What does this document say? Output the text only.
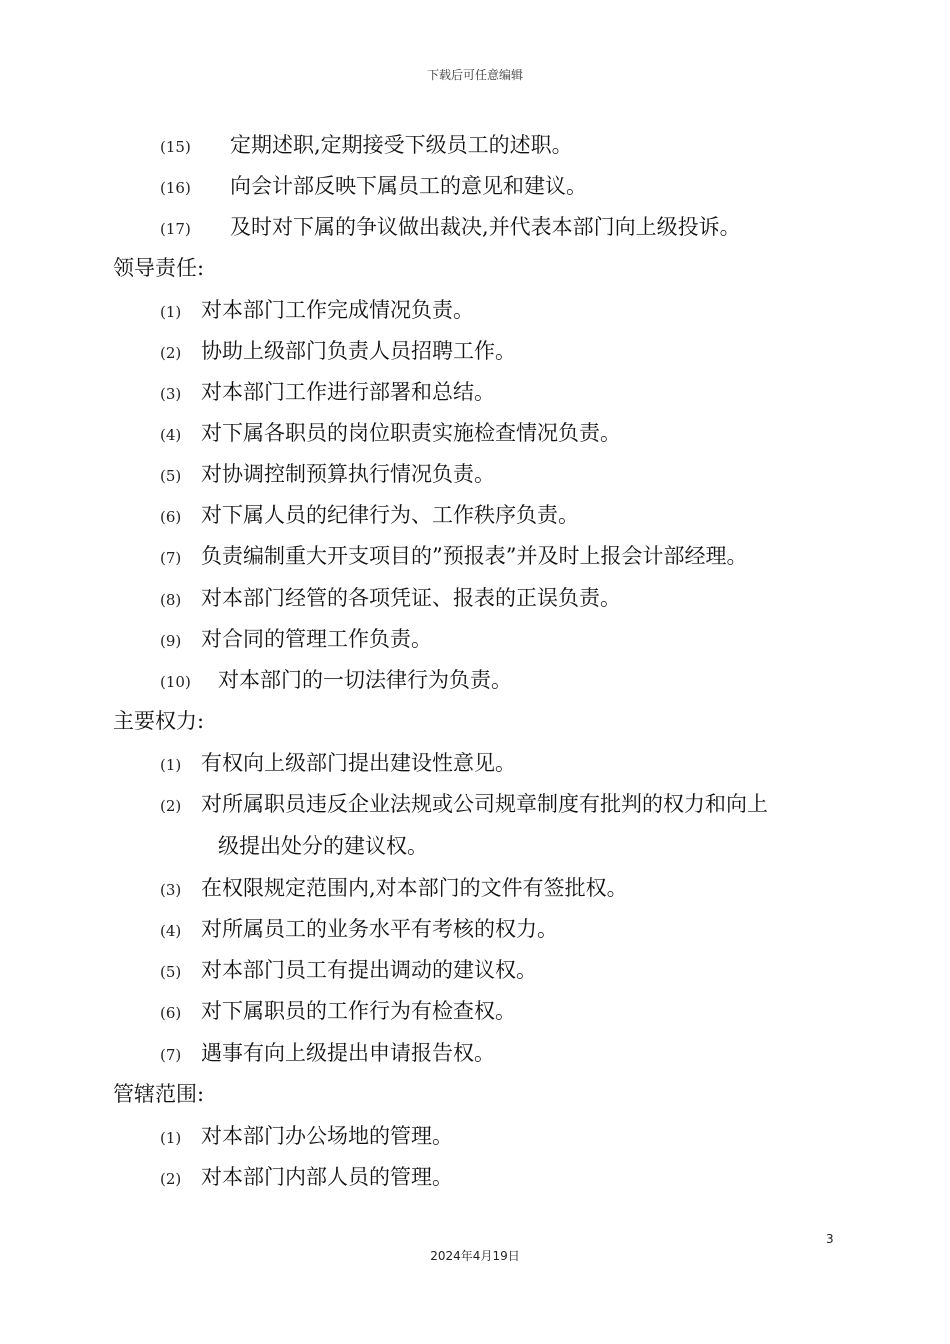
下载后可任意编辑
(15) 定期述职,定期接受下级员工的述职。
(16) 向会计部反映下属员工的意见和建议。
(17) 及时对下属的争议做出裁决,并代表本部门向上级投诉。
领导责任:
(1) 对本部门工作完成情况负责。
(2) 协助上级部门负责人员招聘工作。
(3) 对本部门工作进行部署和总结。
(4) 对下属各职员的岗位职责实施检查情况负责。
(5) 对协调控制预算执行情况负责。
(6) 对下属人员的纪律行为、工作秩序负责。
(7) 负责编制重大开支项目的”预报表”并及时上报会计部经理。
(8) 对本部门经管的各项凭证、报表的正误负责。
(9) 对合同的管理工作负责。
(10) 对本部门的一切法律行为负责。
主要权力:
(1) 有权向上级部门提出建设性意见。
(2) 对所属职员违反企业法规或公司规章制度有批判的权力和向上
级提出处分的建议权。
(3) 在权限规定范围内,对本部门的文件有签批权。
(4) 对所属员工的业务水平有考核的权力。
(5) 对本部门员工有提出调动的建议权。
(6) 对下属职员的工作行为有检查权。
(7) 遇事有向上级提出申请报告权。
管辖范围:
(1) 对本部门办公场地的管理。
(2) 对本部门内部人员的管理。
3
2024年4月19日
